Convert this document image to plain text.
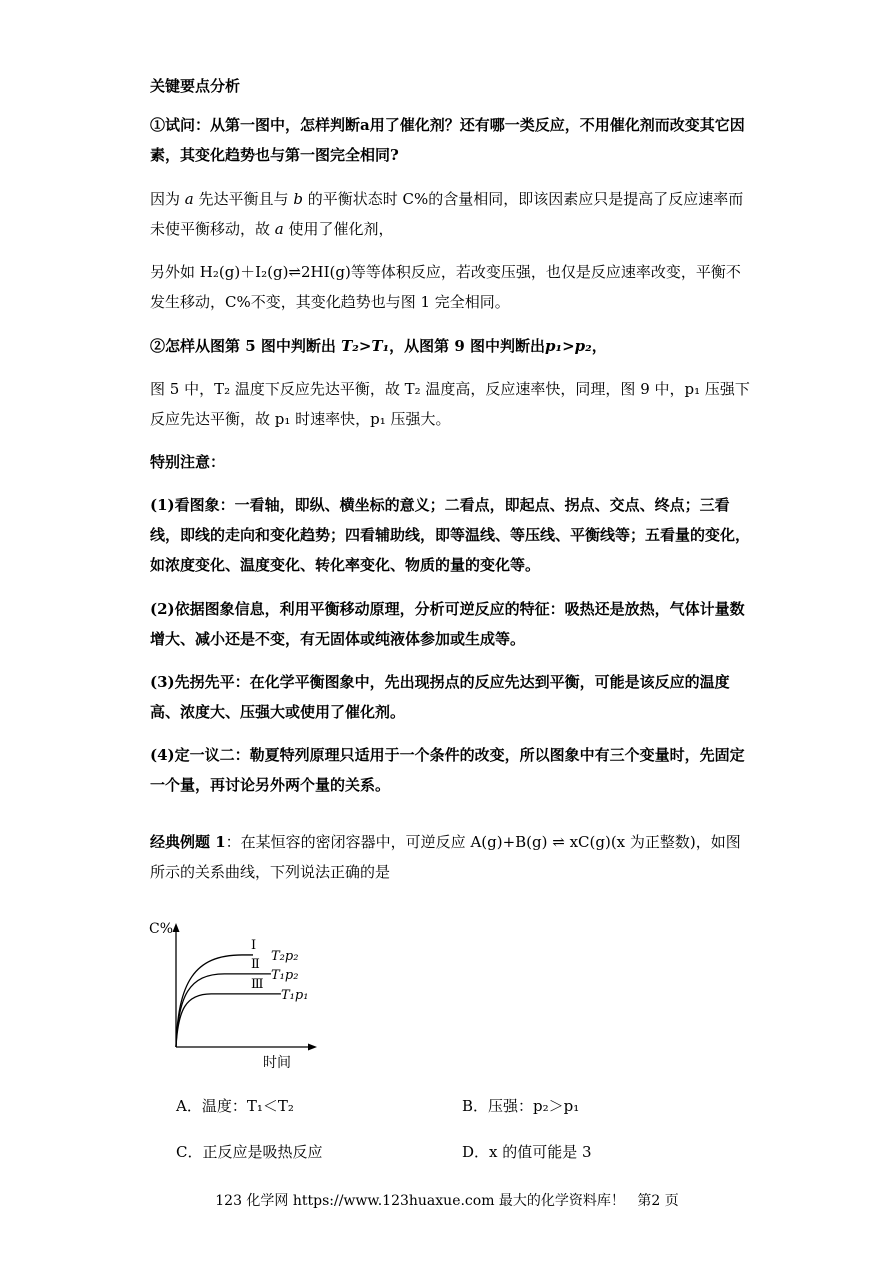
关键要点分析

①试问：从第一图中，怎样判断a用了催化剂？还有哪一类反应，不用催化剂而改变其它因素，其变化趋势也与第一图完全相同?

因为 a 先达平衡且与 b 的平衡状态时 C%的含量相同，即该因素应只是提高了反应速率而未使平衡移动，故 a 使用了催化剂，

另外如 H₂(g)＋I₂(g)⇌2HI(g)等等体积反应，若改变压强，也仅是反应速率改变，平衡不发生移动，C%不变，其变化趋势也与图 1 完全相同。

②怎样从图第 5 图中判断出 T₂>T₁，从图第 9 图中判断出p₁>p₂，

图 5 中，T₂ 温度下反应先达平衡，故 T₂ 温度高，反应速率快，同理，图 9 中，p₁ 压强下反应先达平衡，故 p₁ 时速率快，p₁ 压强大。

特别注意：

(1)看图象：一看轴，即纵、横坐标的意义；二看点，即起点、拐点、交点、终点；三看线，即线的走向和变化趋势；四看辅助线，即等温线、等压线、平衡线等；五看量的变化，如浓度变化、温度变化、转化率变化、物质的量的变化等。

(2)依据图象信息，利用平衡移动原理，分析可逆反应的特征：吸热还是放热，气体计量数增大、减小还是不变，有无固体或纯液体参加或生成等。

(3)先拐先平：在化学平衡图象中，先出现拐点的反应先达到平衡，可能是该反应的温度高、浓度大、压强大或使用了催化剂。

(4)定一议二：勒夏特列原理只适用于一个条件的改变，所以图象中有三个变量时，先固定一个量，再讨论另外两个量的关系。

经典例题 1：在某恒容的密闭容器中，可逆反应 A(g)+B(g) ⇌ xC(g)(x 为正整数)，如图所示的关系曲线，下列说法正确的是

C%
时间
Ⅰ
Ⅱ
Ⅲ
T₂p₂
T₁p₂
T₁p₁
A．温度：T₁＜T₂	B．压强：p₂＞p₁
C．正反应是吸热反应	D．x 的值可能是 3
123 化学网 https://www.123huaxue.com 最大的化学资料库！ 第2 页
